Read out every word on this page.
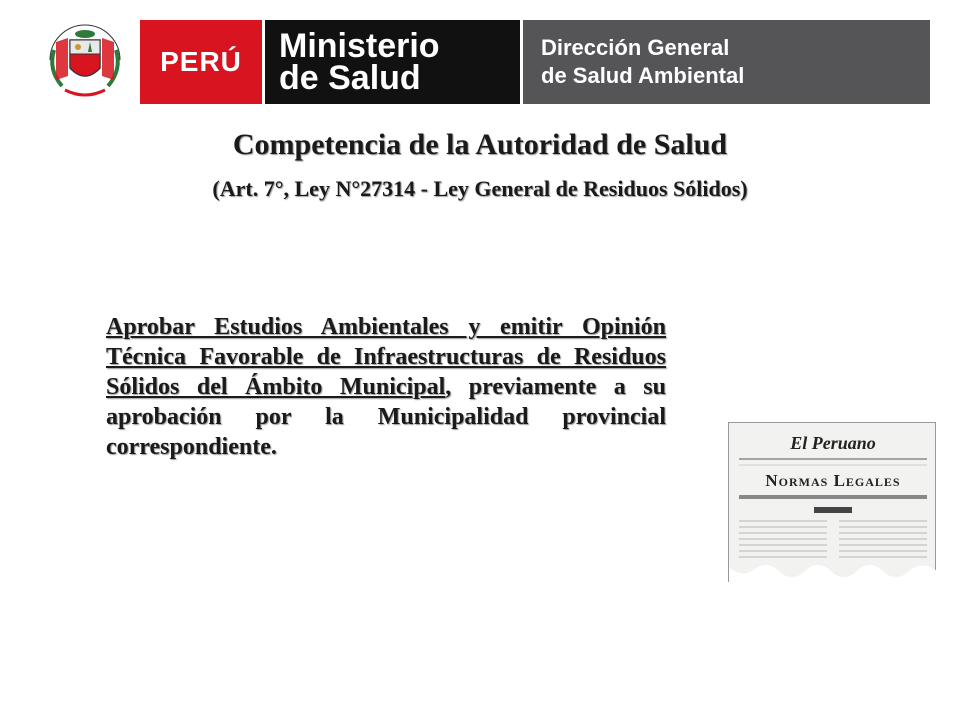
PERÚ Ministerio
de Salud
Dirección General
de Salud Ambiental
Competencia de la Autoridad de Salud
(Art. 7°, Ley N°27314 - Ley General de Residuos Sólidos)
Aprobar Estudios Ambientales y emitir Opinión Técnica Favorable de Infraestructuras de Residuos Sólidos del Ámbito Municipal, previamente a su aprobación por la Municipalidad provincial correspondiente.	El Peruano
Normas Legales
